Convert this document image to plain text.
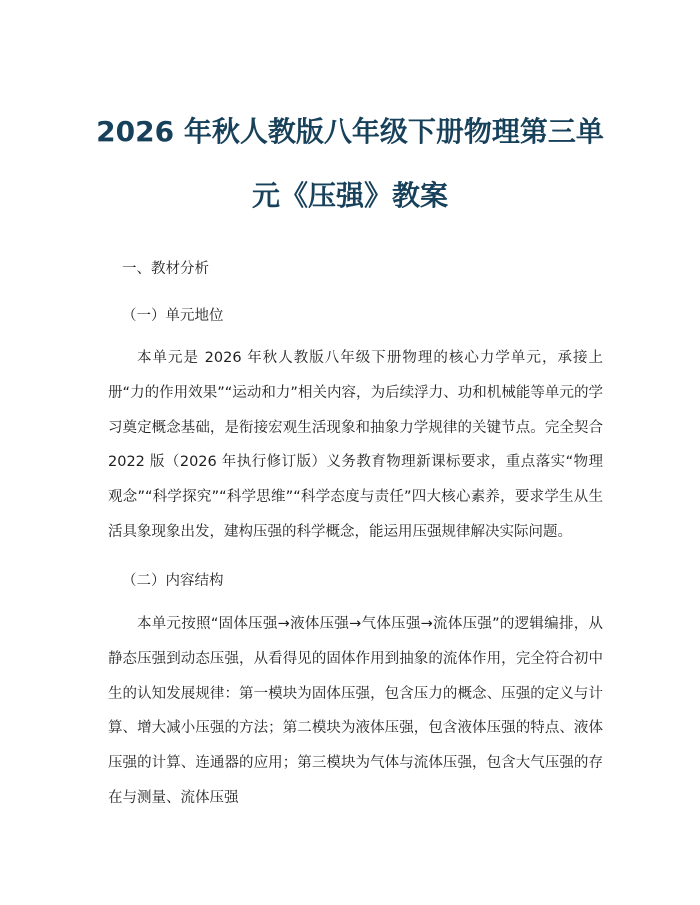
2026 年秋人教版八年级下册物理第三单
元《压强》教案

一、教材分析

（一）单元地位

本单元是 2026 年秋人教版八年级下册物理的核心力学单元，承接上册“力的作用效果”“运动和力”相关内容，为后续浮力、功和机械能等单元的学习奠定概念基础，是衔接宏观生活现象和抽象力学规律的关键节点。完全契合 2022 版（2026 年执行修订版）义务教育物理新课标要求，重点落实“物理观念”“科学探究”“科学思维”“科学态度与责任”四大核心素养，要求学生从生活具象现象出发，建构压强的科学概念，能运用压强规律解决实际问题。

（二）内容结构

本单元按照“固体压强→液体压强→气体压强→流体压强”的逻辑编排，从静态压强到动态压强，从看得见的固体作用到抽象的流体作用，完全符合初中生的认知发展规律：第一模块为固体压强，包含压力的概念、压强的定义与计算、增大减小压强的方法；第二模块为液体压强，包含液体压强的特点、液体压强的计算、连通器的应用；第三模块为气体与流体压强，包含大气压强的存在与测量、流体压强
